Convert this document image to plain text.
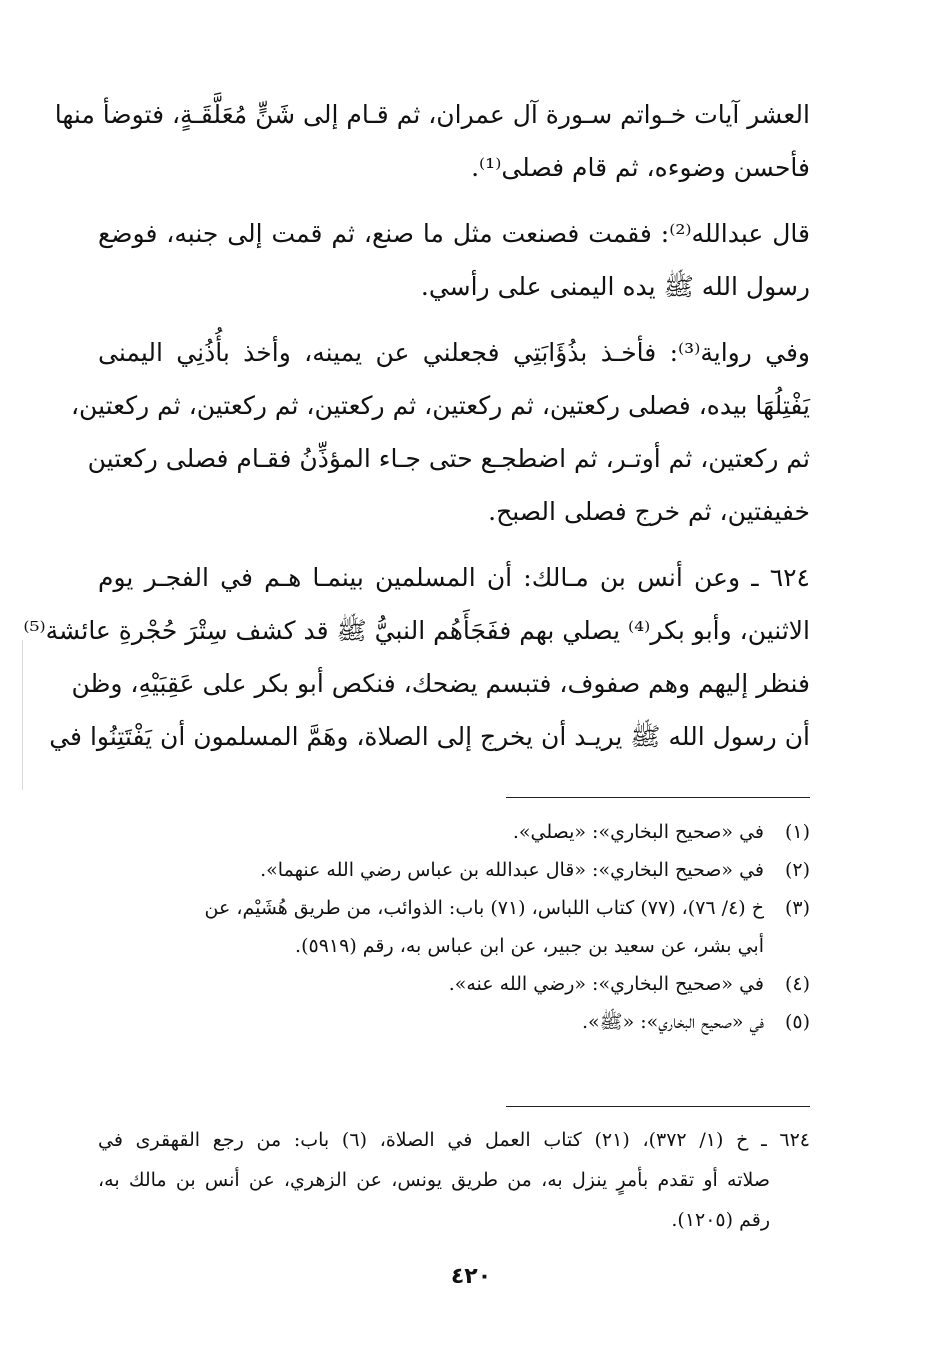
العشر آيات خـواتم سـورة آل عمران، ثم قـام إلى شَنٍّ مُعَلَّقَـةٍ، فتوضأ منها
فأحسن وضوءه، ثم قام فصلى⁽¹⁾.
قال عبدالله⁽²⁾: فقمت فصنعت مثل ما صنع، ثم قمت إلى جنبه، فوضع
رسول الله ﷺ يده اليمنى على رأسي.
وفي رواية⁽³⁾: فأخـذ بذُؤَابَتِي فجعلني عن يمينه، وأخذ بأُذُنِي اليمنى
يَفْتِلُهَا بيده، فصلى ركعتين، ثم ركعتين، ثم ركعتين، ثم ركعتين، ثم ركعتين،
ثم ركعتين، ثم أوتـر، ثم اضطجـع حتى جـاء المؤذِّنُ فقـام فصلى ركعتين
خفيفتين، ثم خرج فصلى الصبح.
٦٢٤ ـ وعن أنس بن مـالك: أن المسلمين بينمـا هـم في الفجـر يوم
الاثنين، وأبو بكر⁽⁴⁾ يصلي بهم ففَجَأَهُم النبيُّ ﷺ قد كشف سِتْرَ حُجْرةِ عائشة⁽⁵⁾
فنظر إليهم وهم صفوف، فتبسم يضحك، فنكص أبو بكر على عَقِبَيْهِ، وظن
أن رسول الله ﷺ يريـد أن يخرج إلى الصلاة، وهَمَّ المسلمون أن يَفْتَتِنُوا في
(١)في «صحيح البخاري»: «يصلي».
(٢)في «صحيح البخاري»: «قال عبدالله بن عباس رضي الله عنهما».
(٣)خ (٤/ ٧٦)، (٧٧) كتاب اللباس، (٧١) باب: الذوائب، من طريق هُشَيْم، عن
أبي بشر، عن سعيد بن جبير، عن ابن عباس به، رقم (٥٩١٩).
(٤)في «صحيح البخاري»: «رضي الله عنه».
(٥)في «صحيح البخاري»: «ﷺ».
٦٢٤ ـ خ (١/ ٣٧٢)، (٢١) كتاب العمل في الصلاة، (٦) باب: من رجع القهقرى في
صلاته أو تقدم بأمرٍ ينزل به، من طريق يونس، عن الزهري، عن أنس بن مالك به،
رقم (١٢٠٥).
٤٢٠
